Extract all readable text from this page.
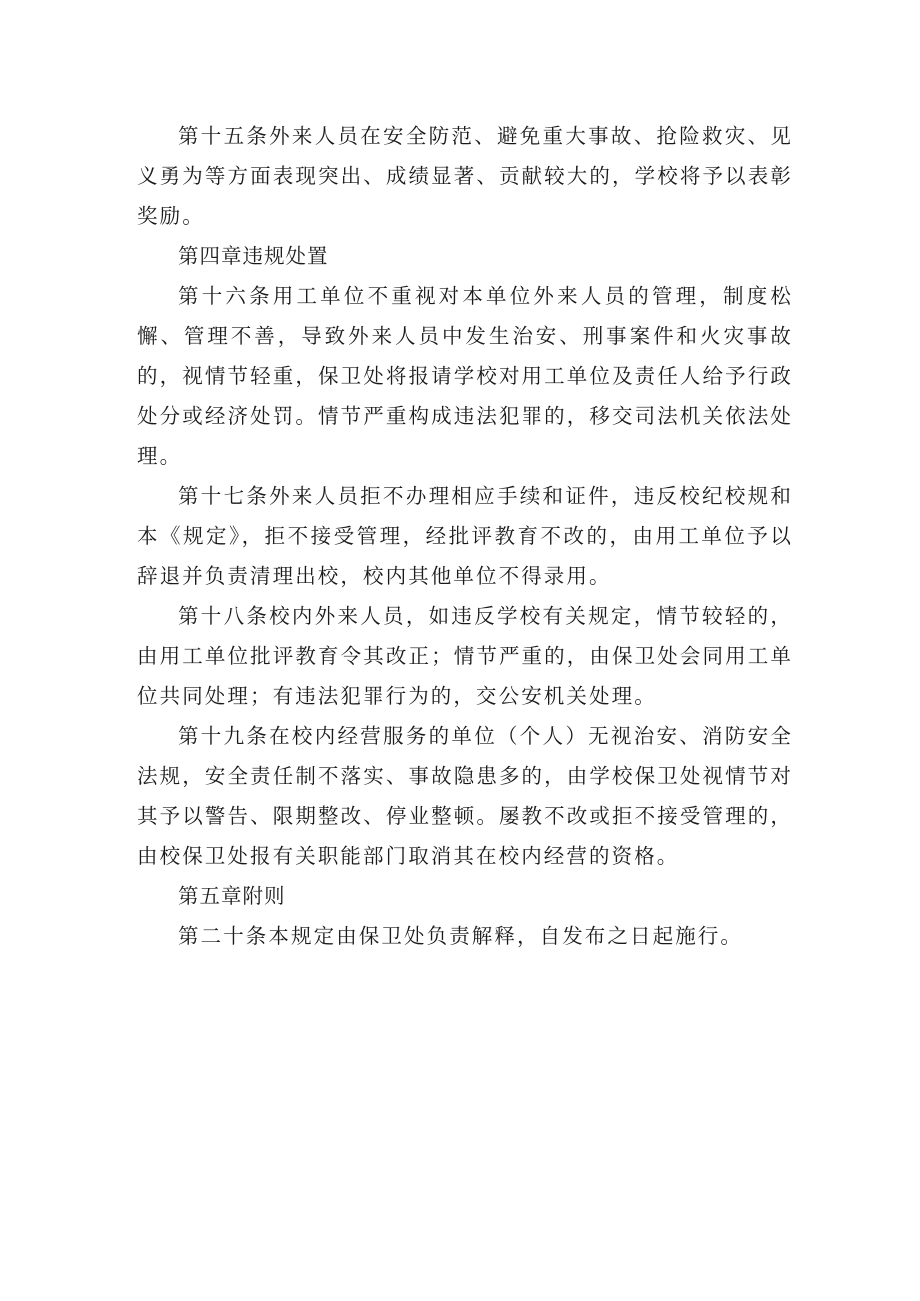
第十五条外来人员在安全防范、避免重大事故、抢险救灾、见义勇为等方面表现突出、成绩显著、贡献较大的，学校将予以表彰奖励。

第四章违规处置

第十六条用工单位不重视对本单位外来人员的管理，制度松懈、管理不善，导致外来人员中发生治安、刑事案件和火灾事故的，视情节轻重，保卫处将报请学校对用工单位及责任人给予行政处分或经济处罚。情节严重构成违法犯罪的，移交司法机关依法处理。

第十七条外来人员拒不办理相应手续和证件，违反校纪校规和本《规定》，拒不接受管理，经批评教育不改的，由用工单位予以辞退并负责清理出校，校内其他单位不得录用。

第十八条校内外来人员，如违反学校有关规定，情节较轻的，由用工单位批评教育令其改正；情节严重的，由保卫处会同用工单位共同处理；有违法犯罪行为的，交公安机关处理。

第十九条在校内经营服务的单位（个人）无视治安、消防安全法规，安全责任制不落实、事故隐患多的，由学校保卫处视情节对其予以警告、限期整改、停业整顿。屡教不改或拒不接受管理的，由校保卫处报有关职能部门取消其在校内经营的资格。

第五章附则

第二十条本规定由保卫处负责解释，自发布之日起施行。
